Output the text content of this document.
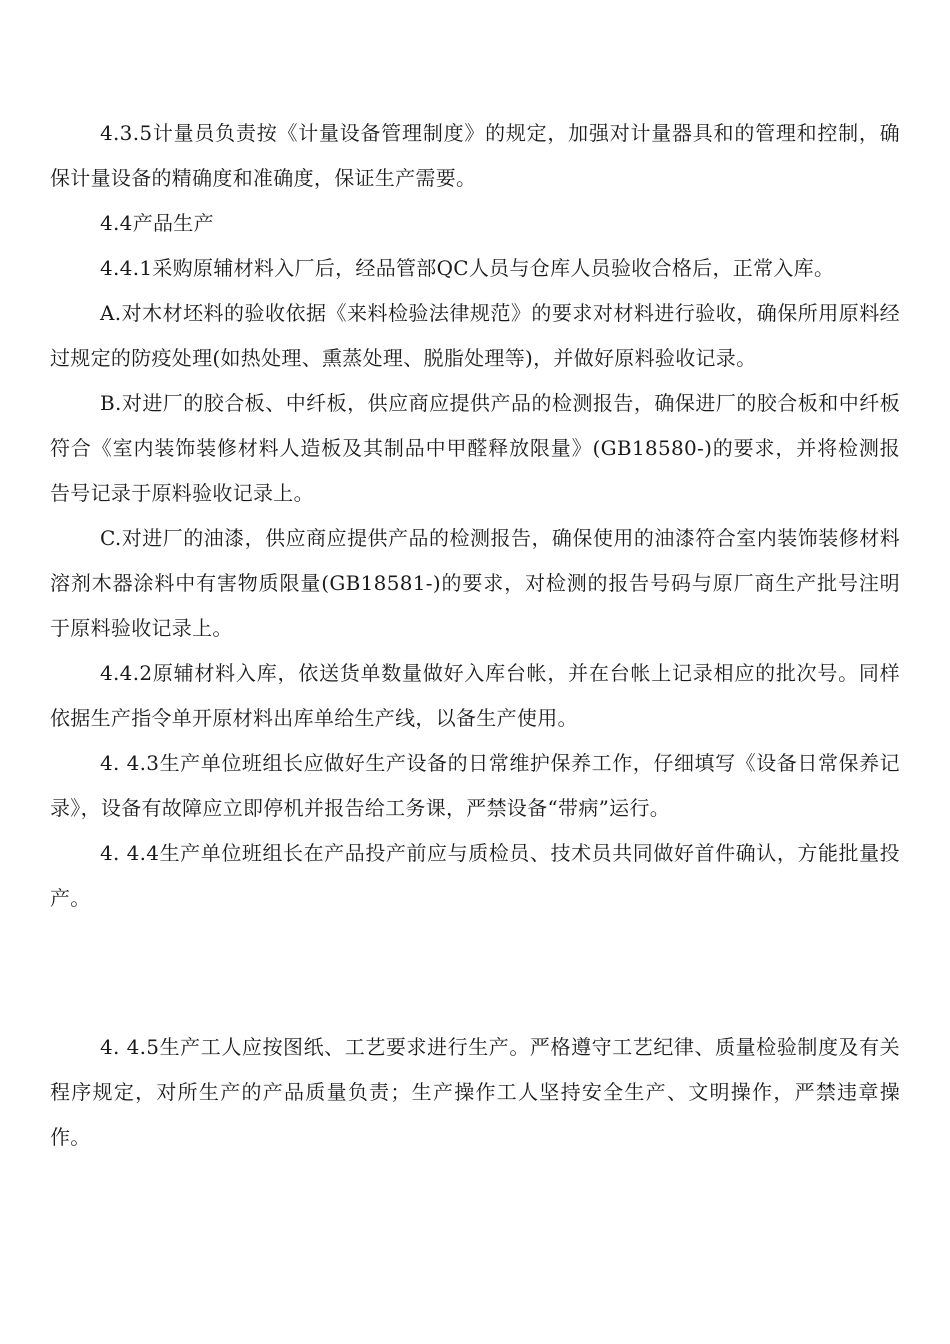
4.3.5计量员负责按《计量设备管理制度》的规定，加强对计量器具和的管理和控制，确保计量设备的精确度和准确度，保证生产需要。

4.4产品生产

4.4.1采购原辅材料入厂后，经品管部QC人员与仓库人员验收合格后，正常入库。

A.对木材坯料的验收依据《来料检验法律规范》的要求对材料进行验收，确保所用原料经过规定的防疫处理(如热处理、熏蒸处理、脱脂处理等)，并做好原料验收记录。

B.对进厂的胶合板、中纤板，供应商应提供产品的检测报告，确保进厂的胶合板和中纤板符合《室内装饰装修材料人造板及其制品中甲醛释放限量》(GB18580-)的要求，并将检测报告号记录于原料验收记录上。

C.对进厂的油漆，供应商应提供产品的检测报告，确保使用的油漆符合室内装饰装修材料溶剂木器涂料中有害物质限量(GB18581-)的要求，对检测的报告号码与原厂商生产批号注明于原料验收记录上。

4.4.2原辅材料入库，依送货单数量做好入库台帐，并在台帐上记录相应的批次号。同样依据生产指令单开原材料出库单给生产线，以备生产使用。

4. 4.3生产单位班组长应做好生产设备的日常维护保养工作，仔细填写《设备日常保养记录》，设备有故障应立即停机并报告给工务课，严禁设备“带病”运行。

4. 4.4生产单位班组长在产品投产前应与质检员、技术员共同做好首件确认，方能批量投产。

4. 4.5生产工人应按图纸、工艺要求进行生产。严格遵守工艺纪律、质量检验制度及有关程序规定，对所生产的产品质量负责；生产操作工人坚持安全生产、文明操作，严禁违章操作。
